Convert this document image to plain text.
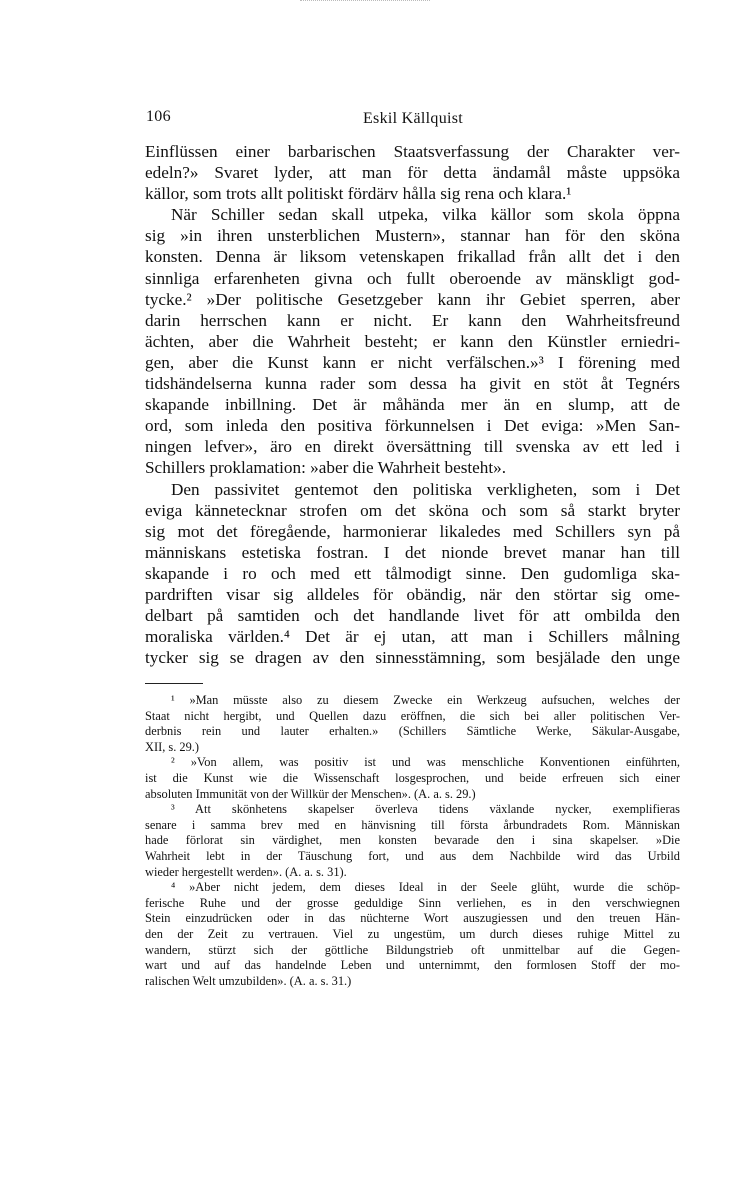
106	Eskil Källquist
Einflüssen einer barbarischen Staatsverfassung der Charakter ver-
edeln?» Svaret lyder, att man för detta ändamål måste uppsöka
källor, som trots allt politiskt fördärv hålla sig rena och klara.¹
När Schiller sedan skall utpeka, vilka källor som skola öppna
sig »in ihren unsterblichen Mustern», stannar han för den sköna
konsten. Denna är liksom vetenskapen frikallad från allt det i den
sinnliga erfarenheten givna och fullt oberoende av mänskligt god-
tycke.² »Der politische Gesetzgeber kann ihr Gebiet sperren, aber
darin herrschen kann er nicht. Er kann den Wahrheitsfreund
ächten, aber die Wahrheit besteht; er kann den Künstler erniedri-
gen, aber die Kunst kann er nicht verfälschen.»³ I förening med
tidshändelserna kunna rader som dessa ha givit en stöt åt Tegnérs
skapande inbillning. Det är måhända mer än en slump, att de
ord, som inleda den positiva förkunnelsen i Det eviga: »Men San-
ningen lefver», äro en direkt översättning till svenska av ett led i
Schillers proklamation: »aber die Wahrheit besteht».
Den passivitet gentemot den politiska verkligheten, som i Det
eviga kännetecknar strofen om det sköna och som så starkt bryter
sig mot det föregående, harmonierar likaledes med Schillers syn på
människans estetiska fostran. I det nionde brevet manar han till
skapande i ro och med ett tålmodigt sinne. Den gudomliga ska-
pardriften visar sig alldeles för obändig, när den störtar sig ome-
delbart på samtiden och det handlande livet för att ombilda den
moraliska världen.⁴ Det är ej utan, att man i Schillers målning
tycker sig se dragen av den sinnesstämning, som besjälade den unge
¹ »Man müsste also zu diesem Zwecke ein Werkzeug aufsuchen, welches der
Staat nicht hergibt, und Quellen dazu eröffnen, die sich bei aller politischen Ver-
derbnis rein und lauter erhalten.» (Schillers Sämtliche Werke, Säkular-Ausgabe,
XII, s. 29.)
² »Von allem, was positiv ist und was menschliche Konventionen einführten,
ist die Kunst wie die Wissenschaft losgesprochen, und beide erfreuen sich einer
absoluten Immunität von der Willkür der Menschen». (A. a. s. 29.)
³ Att skönhetens skapelser överleva tidens växlande nycker, exemplifieras
senare i samma brev med en hänvisning till första årbundradets Rom. Människan
hade förlorat sin värdighet, men konsten bevarade den i sina skapelser. »Die
Wahrheit lebt in der Täuschung fort, und aus dem Nachbilde wird das Urbild
wieder hergestellt werden». (A. a. s. 31).
⁴ »Aber nicht jedem, dem dieses Ideal in der Seele glüht, wurde die schöp-
ferische Ruhe und der grosse geduldige Sinn verliehen, es in den verschwiegnen
Stein einzudrücken oder in das nüchterne Wort auszugiessen und den treuen Hän-
den der Zeit zu vertrauen. Viel zu ungestüm, um durch dieses ruhige Mittel zu
wandern, stürzt sich der göttliche Bildungstrieb oft unmittelbar auf die Gegen-
wart und auf das handelnde Leben und unternimmt, den formlosen Stoff der mo-
ralischen Welt umzubilden». (A. a. s. 31.)
